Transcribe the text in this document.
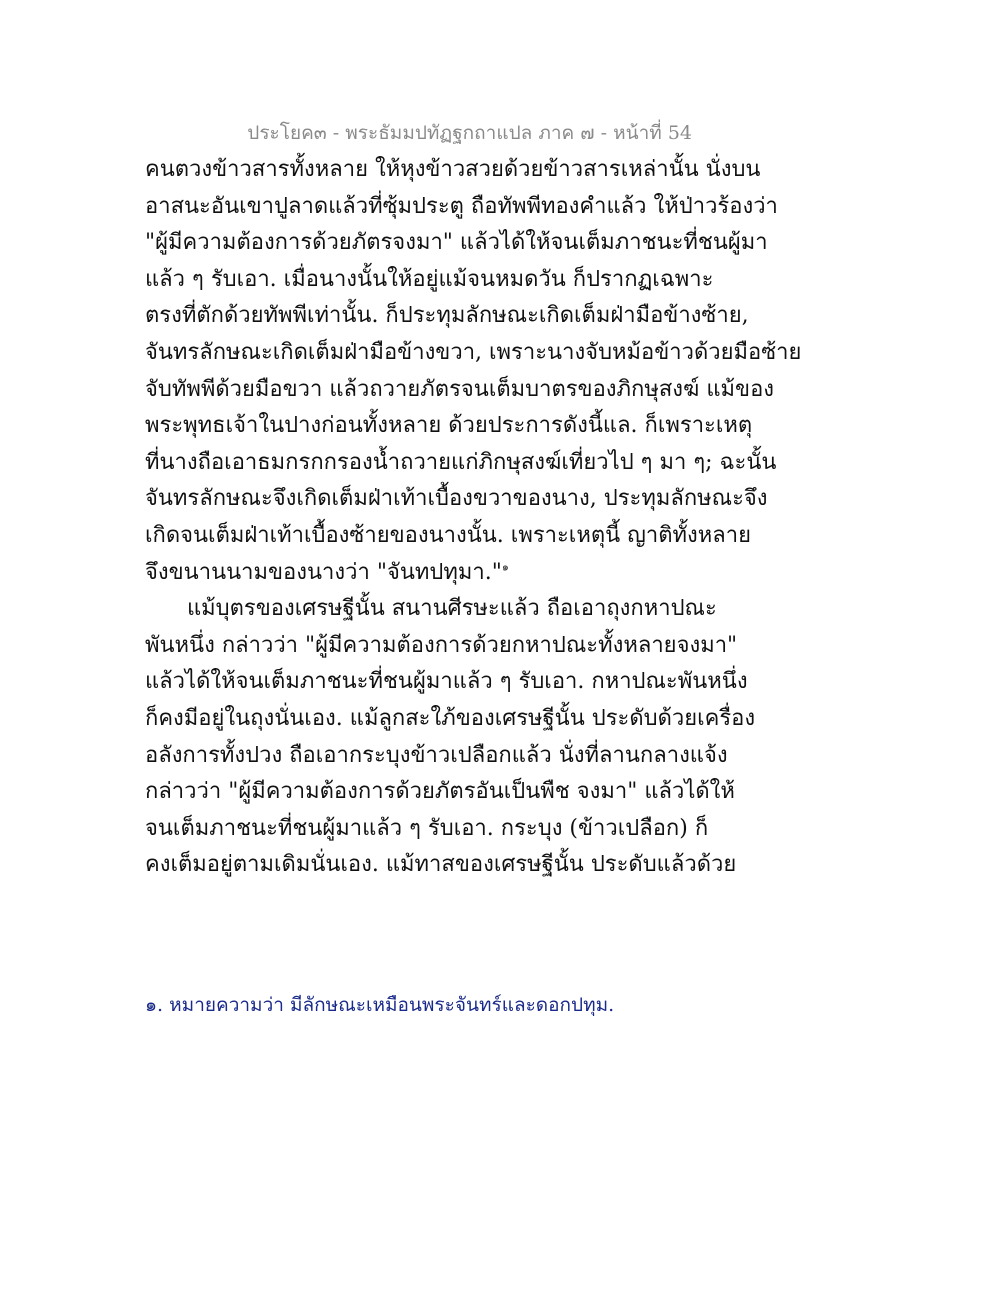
ประโยค๓ - พระธัมมปทัฏฐกถาแปล ภาค ๗ - หน้าที่ 54
คนตวงข้าวสารทั้งหลาย ให้หุงข้าวสวยด้วยข้าวสารเหล่านั้น นั่งบน
อาสนะอันเขาปูลาดแล้วที่ซุ้มประตู ถือทัพพีทองคำแล้ว ให้ป่าวร้องว่า
"ผู้มีความต้องการด้วยภัตรจงมา" แล้วได้ให้จนเต็มภาชนะที่ชนผู้มา
แล้ว ๆ รับเอา. เมื่อนางนั้นให้อยู่แม้จนหมดวัน ก็ปรากฏเฉพาะ
ตรงที่ตักด้วยทัพพีเท่านั้น. ก็ประทุมลักษณะเกิดเต็มฝ่ามือข้างซ้าย,
จันทรลักษณะเกิดเต็มฝ่ามือข้างขวา, เพราะนางจับหม้อข้าวด้วยมือซ้าย
จับทัพพีด้วยมือขวา แล้วถวายภัตรจนเต็มบาตรของภิกษุสงฆ์ แม้ของ
พระพุทธเจ้าในปางก่อนทั้งหลาย ด้วยประการดังนี้แล. ก็เพราะเหตุ
ที่นางถือเอาธมกรกกรองน้ำถวายแก่ภิกษุสงฆ์เที่ยวไป ๆ มา ๆ; ฉะนั้น
จันทรลักษณะจึงเกิดเต็มฝ่าเท้าเบื้องขวาของนาง, ประทุมลักษณะจึง
เกิดจนเต็มฝ่าเท้าเบื้องซ้ายของนางนั้น. เพราะเหตุนี้ ญาติทั้งหลาย
จึงขนานนามของนางว่า "จันทปทุมา."$^๑$
แม้บุตรของเศรษฐีนั้น สนานศีรษะแล้ว ถือเอาถุงกหาปณะ
พันหนึ่ง กล่าวว่า "ผู้มีความต้องการด้วยกหาปณะทั้งหลายจงมา"
แล้วได้ให้จนเต็มภาชนะที่ชนผู้มาแล้ว ๆ รับเอา. กหาปณะพันหนึ่ง
ก็คงมีอยู่ในถุงนั่นเอง. แม้ลูกสะใภ้ของเศรษฐีนั้น ประดับด้วยเครื่อง
อลังการทั้งปวง ถือเอากระบุงข้าวเปลือกแล้ว นั่งที่ลานกลางแจ้ง
กล่าวว่า "ผู้มีความต้องการด้วยภัตรอันเป็นพืช จงมา" แล้วได้ให้
จนเต็มภาชนะที่ชนผู้มาแล้ว ๆ รับเอา. กระบุง (ข้าวเปลือก) ก็
คงเต็มอยู่ตามเดิมนั่นเอง. แม้ทาสของเศรษฐีนั้น ประดับแล้วด้วย
๑. หมายความว่า มีลักษณะเหมือนพระจันทร์และดอกปทุม.
